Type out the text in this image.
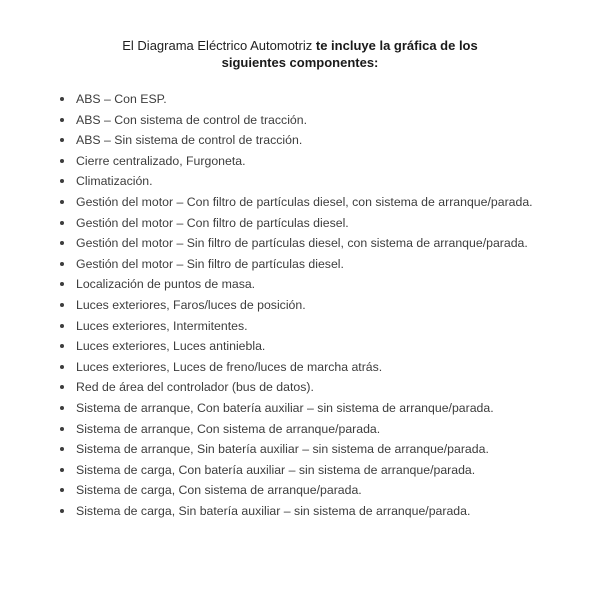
El Diagrama Eléctrico Automotriz te incluye la gráfica de los siguientes componentes:

ABS – Con ESP.
ABS – Con sistema de control de tracción.
ABS – Sin sistema de control de tracción.
Cierre centralizado, Furgoneta.
Climatización.
Gestión del motor – Con filtro de partículas diesel, con sistema de arranque/parada.
Gestión del motor – Con filtro de partículas diesel.
Gestión del motor – Sin filtro de partículas diesel, con sistema de arranque/parada.
Gestión del motor – Sin filtro de partículas diesel.
Localización de puntos de masa.
Luces exteriores, Faros/luces de posición.
Luces exteriores, Intermitentes.
Luces exteriores, Luces antiniebla.
Luces exteriores, Luces de freno/luces de marcha atrás.
Red de área del controlador (bus de datos).
Sistema de arranque, Con batería auxiliar – sin sistema de arranque/parada.
Sistema de arranque, Con sistema de arranque/parada.
Sistema de arranque, Sin batería auxiliar – sin sistema de arranque/parada.
Sistema de carga, Con batería auxiliar – sin sistema de arranque/parada.
Sistema de carga, Con sistema de arranque/parada.
Sistema de carga, Sin batería auxiliar – sin sistema de arranque/parada.
